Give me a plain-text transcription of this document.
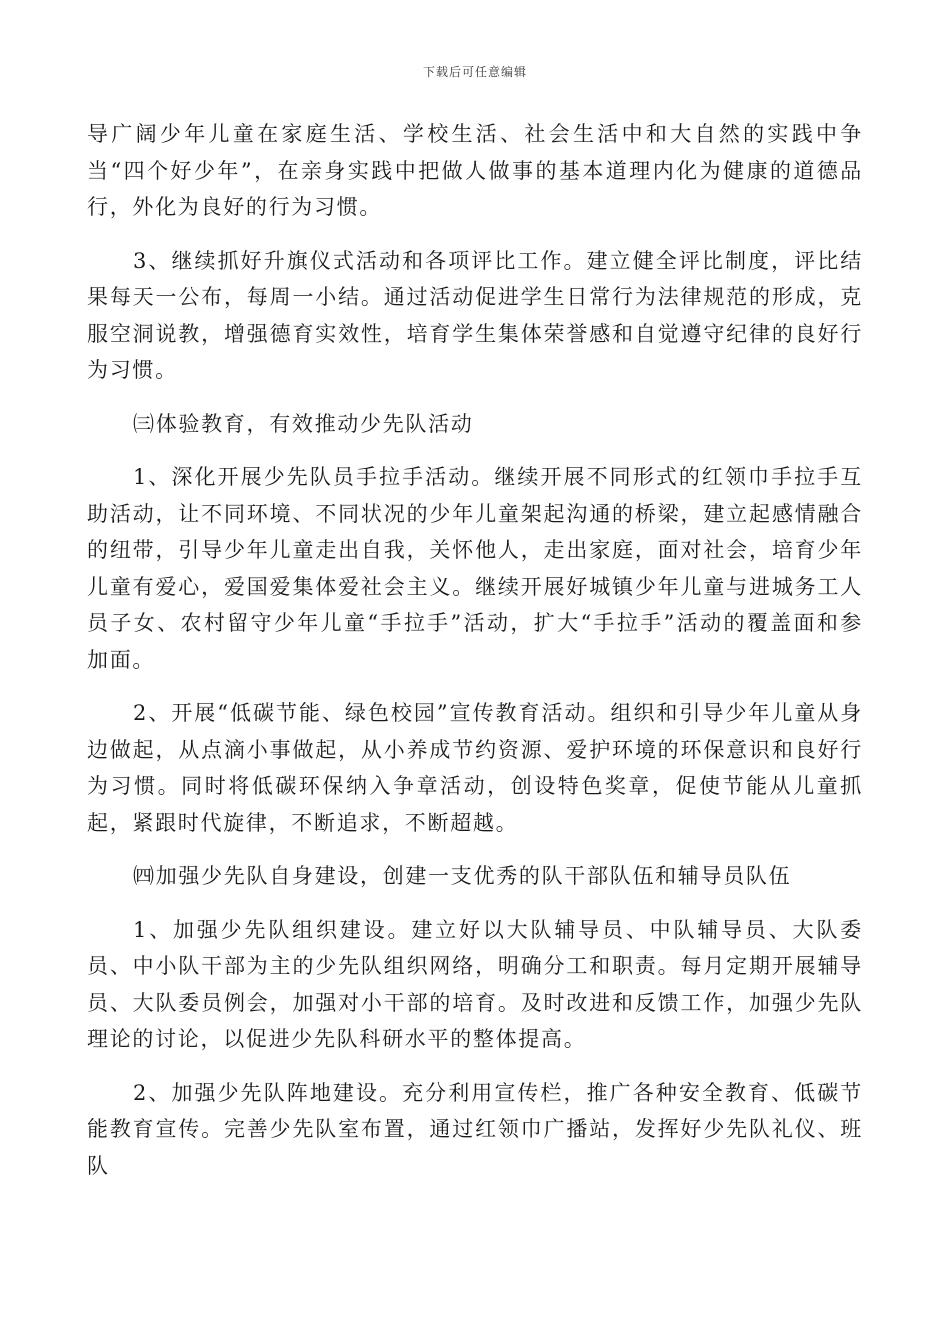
下载后可任意编辑

导广阔少年儿童在家庭生活、学校生活、社会生活中和大自然的实践中争当“四个好少年”，在亲身实践中把做人做事的基本道理内化为健康的道德品行，外化为良好的行为习惯。

3、继续抓好升旗仪式活动和各项评比工作。建立健全评比制度，评比结果每天一公布，每周一小结。通过活动促进学生日常行为法律规范的形成，克服空洞说教，增强德育实效性，培育学生集体荣誉感和自觉遵守纪律的良好行为习惯。

㈢体验教育，有效推动少先队活动

1、深化开展少先队员手拉手活动。继续开展不同形式的红领巾手拉手互助活动，让不同环境、不同状况的少年儿童架起沟通的桥梁，建立起感情融合的纽带，引导少年儿童走出自我，关怀他人，走出家庭，面对社会，培育少年儿童有爱心，爱国爱集体爱社会主义。继续开展好城镇少年儿童与进城务工人员子女、农村留守少年儿童“手拉手”活动，扩大“手拉手”活动的覆盖面和参加面。

2、开展“低碳节能、绿色校园”宣传教育活动。组织和引导少年儿童从身边做起，从点滴小事做起，从小养成节约资源、爱护环境的环保意识和良好行为习惯。同时将低碳环保纳入争章活动，创设特色奖章，促使节能从儿童抓起，紧跟时代旋律，不断追求，不断超越。

㈣加强少先队自身建设，创建一支优秀的队干部队伍和辅导员队伍

1、加强少先队组织建设。建立好以大队辅导员、中队辅导员、大队委员、中小队干部为主的少先队组织网络，明确分工和职责。每月定期开展辅导员、大队委员例会，加强对小干部的培育。及时改进和反馈工作，加强少先队理论的讨论，以促进少先队科研水平的整体提高。

2、加强少先队阵地建设。充分利用宣传栏，推广各种安全教育、低碳节能教育宣传。完善少先队室布置，通过红领巾广播站，发挥好少先队礼仪、班队
